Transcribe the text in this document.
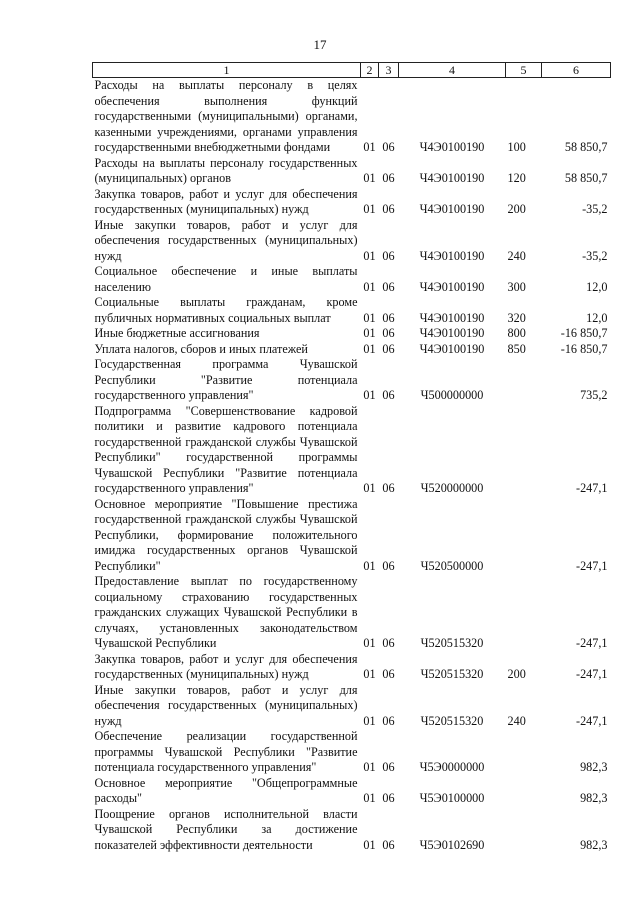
17
1	2	3	4	5	6
Расходы на выплаты персоналу в целях обеспечения выполнения функций государственными (муниципальными) органами, казенными учреждениями, органами управления государственными внебюджетными фондами	01	06	Ч4Э0100190	100	58 850,7
Расходы на выплаты персоналу государственных (муниципальных) органов	01	06	Ч4Э0100190	120	58 850,7
Закупка товаров, работ и услуг для обеспечения государственных (муниципальных) нужд	01	06	Ч4Э0100190	200	-35,2
Иные закупки товаров, работ и услуг для обеспечения государственных (муниципальных) нужд	01	06	Ч4Э0100190	240	-35,2
Социальное обеспечение и иные выплаты населению	01	06	Ч4Э0100190	300	12,0
Социальные выплаты гражданам, кроме публичных нормативных социальных выплат	01	06	Ч4Э0100190	320	12,0
Иные бюджетные ассигнования	01	06	Ч4Э0100190	800	-16 850,7
Уплата налогов, сборов и иных платежей	01	06	Ч4Э0100190	850	-16 850,7
Государственная программа Чувашской Республики "Развитие потенциала государственного управления"	01	06	Ч500000000		735,2
Подпрограмма "Совершенствование кадровой политики и развитие кадрового потенциала государственной гражданской службы Чувашской Республики" государственной программы Чувашской Республики "Развитие потенциала государственного управления"	01	06	Ч520000000		-247,1
Основное мероприятие "Повышение престижа государственной гражданской службы Чувашской Республики, формирование положительного имиджа государственных органов Чувашской Республики"	01	06	Ч520500000		-247,1
Предоставление выплат по государственному социальному страхованию государственных гражданских служащих Чувашской Республики в случаях, установленных законодательством Чувашской Республики	01	06	Ч520515320		-247,1
Закупка товаров, работ и услуг для обеспечения государственных (муниципальных) нужд	01	06	Ч520515320	200	-247,1
Иные закупки товаров, работ и услуг для обеспечения государственных (муниципальных) нужд	01	06	Ч520515320	240	-247,1
Обеспечение реализации государственной программы Чувашской Республики "Развитие потенциала государственного управления"	01	06	Ч5Э0000000		982,3
Основное мероприятие "Общепрограммные расходы"	01	06	Ч5Э0100000		982,3
Поощрение органов исполнительной власти Чувашской Республики за достижение показателей эффективности деятельности	01	06	Ч5Э0102690		982,3
